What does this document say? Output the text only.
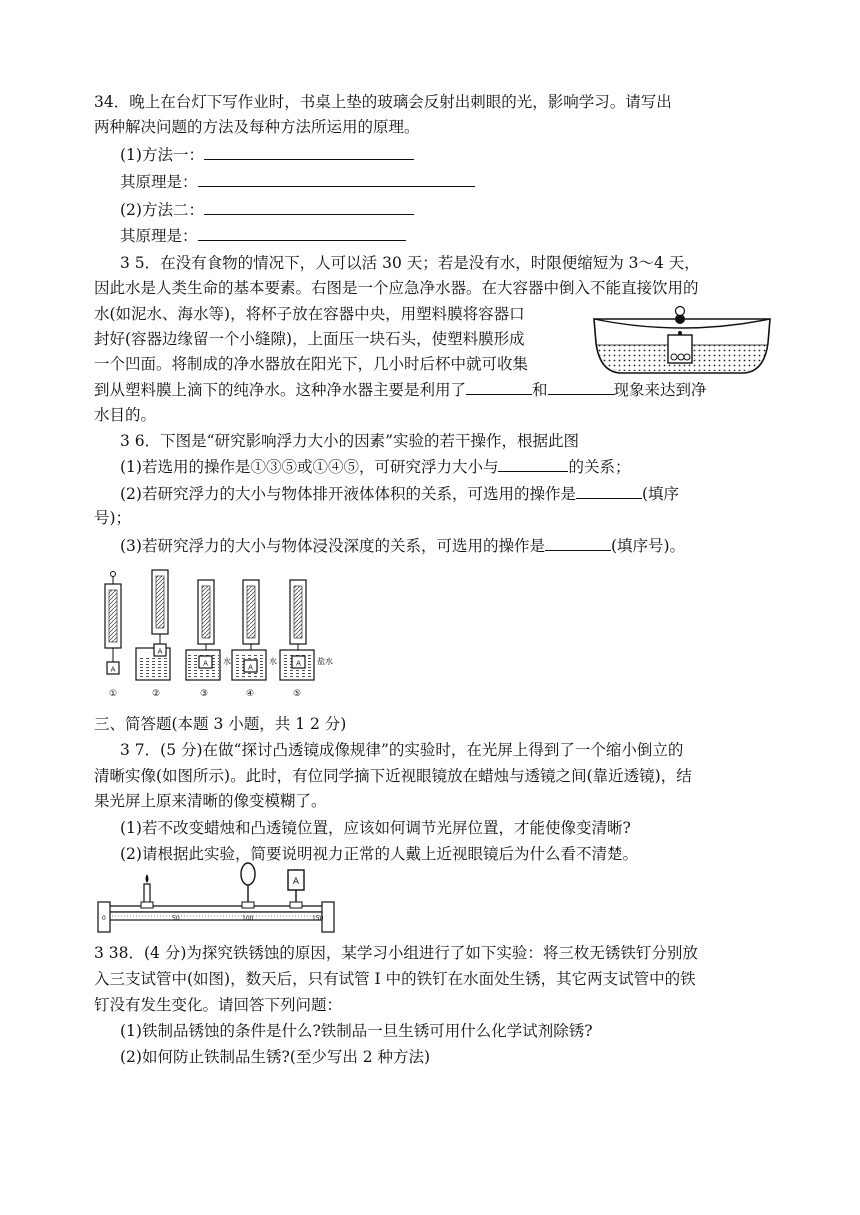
34．晚上在台灯下写作业时，书桌上垫的玻璃会反射出刺眼的光，影响学习。请写出
两种解决问题的方法及每种方法所运用的原理。
(1)方法一：
其原理是：
(2)方法二：
其原理是：
3 5．在没有食物的情况下，人可以活 30 天；若是没有水，时限便缩短为 3～4 天，
因此水是人类生命的基本要素。右图是一个应急净水器。在大容器中倒入不能直接饮用的
水(如泥水、海水等)，将杯子放在容器中央，用塑料膜将容器口
封好(容器边缘留一个小缝隙)，上面压一块石头，使塑料膜形成
一个凹面。将制成的净水器放在阳光下，几小时后杯中就可收集
到从塑料膜上滴下的纯净水。这种净水器主要是利用了	和	现象来达到净
水目的。
3 6．下图是“研究影响浮力大小的因素”实验的若干操作，根据此图
(1)若选用的操作是①③⑤或①④⑤，可研究浮力大小与	的关系；
(2)若研究浮力的大小与物体排开液体体积的关系，可选用的操作是	(填序
号)；
(3)若研究浮力的大小与物体浸没深度的关系，可选用的操作是	(填序号)。
A
A
A 水
A
水	A 盐水
①	②	③	④	⑤
三、简答题(本题 3 小题，共 1 2 分)
3 7．(5 分)在做“探讨凸透镜成像规律”的实验时，在光屏上得到了一个缩小倒立的
清晰实像(如图所示)。此时，有位同学摘下近视眼镜放在蜡烛与透镜之间(靠近透镜)，结
果光屏上原来清晰的像变模糊了。
(1)若不改变蜡烛和凸透镜位置，应该如何调节光屏位置，才能使像变清晰?
(2)请根据此实验，简要说明视力正常的人戴上近视眼镜后为什么看不清楚。
A
0	50	100	150
3 38．(4 分)为探究铁锈蚀的原因，某学习小组进行了如下实验：将三枚无锈铁钉分别放
入三支试管中(如图)，数天后，只有试管 I 中的铁钉在水面处生锈，其它两支试管中的铁
钉没有发生变化。请回答下列问题：
(1)铁制品锈蚀的条件是什么?铁制品一旦生锈可用什么化学试剂除锈?
(2)如何防止铁制品生锈?(至少写出 2 种方法)
